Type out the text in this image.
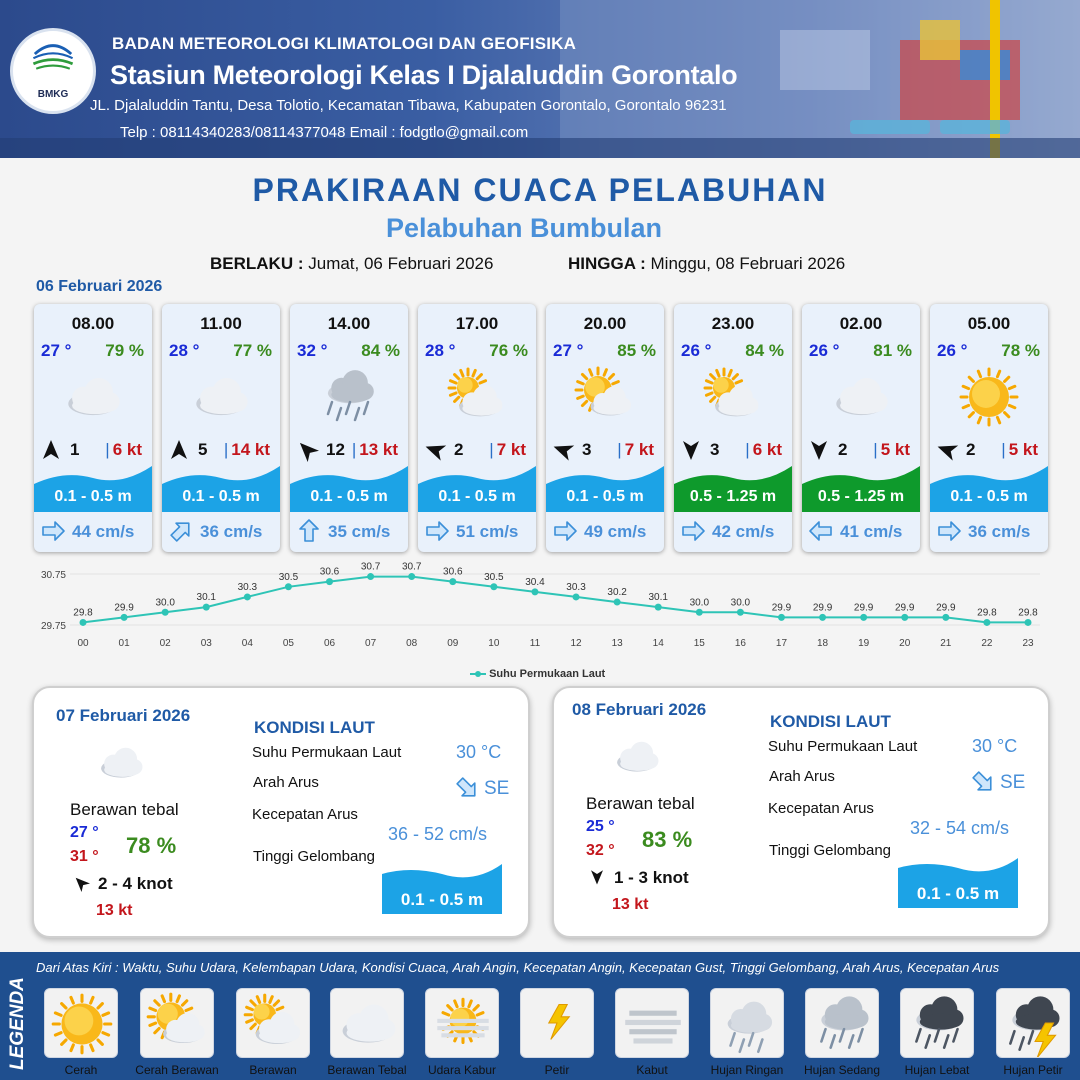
BMKG
BADAN METEOROLOGI KLIMATOLOGI DAN GEOFISIKA
Stasiun Meteorologi Kelas I Djalaluddin Gorontalo
JL. Djalaluddin Tantu, Desa Tolotio, Kecamatan Tibawa, Kabupaten Gorontalo, Gorontalo 96231
Telp : 08114340283/08114377048 Email : fodgtlo@gmail.com
PRAKIRAAN CUACA PELABUHAN
Pelabuhan Bumbulan
BERLAKU : Jumat, 06 Februari 2026	HINGGA : Minggu, 08 Februari 2026
06 Februari 2026
08.00
27 ° 79 %
1 | 6 kt
0.1 - 0.5 m
44 cm/s
11.00
28 ° 77 %
5 | 14 kt
0.1 - 0.5 m
36 cm/s
14.00
32 ° 84 %
12 | 13 kt
0.1 - 0.5 m
35 cm/s
17.00
28 ° 76 %
2 | 7 kt
0.1 - 0.5 m
51 cm/s
20.00
27 ° 85 %
3 | 7 kt
0.1 - 0.5 m
49 cm/s
23.00
26 ° 84 %
3 | 6 kt
0.5 - 1.25 m
42 cm/s
02.00
26 ° 81 %
2 | 5 kt
0.5 - 1.25 m
41 cm/s
05.00
26 ° 78 %
2 | 5 kt
0.1 - 0.5 m
36 cm/s
30.75
29.75
29.8
00
29.9
01
30.0
02
30.1
03
30.3
04
30.5
05
30.6
06
30.7
07
30.7
08
30.6
09
30.5
10
30.4
11
30.3
12
30.2
13
30.1
14
30.0
15
30.0
16
29.9
17
29.9
18
29.9
19
29.9
20
29.9
21
29.8
22
29.8
23
Suhu Permukaan Laut
07 Februari 2026
Berawan tebal
27 °
31 ° 78 %
2 - 4 knot
13 kt
KONDISI LAUT
Suhu Permukaan Laut	30 °C
Arah Arus	SE
Kecepatan Arus
36 - 52 cm/s
Tinggi Gelombang
0.1 - 0.5 m
08 Februari 2026
Berawan tebal
25 °
32 ° 83 %
1 - 3 knot
13 kt
KONDISI LAUT
Suhu Permukaan Laut	30 °C
Arah Arus	SE
Kecepatan Arus
32 - 54 cm/s
Tinggi Gelombang
0.1 - 0.5 m
LEGENDA
Dari Atas Kiri : Waktu, Suhu Udara, Kelembapan Udara, Kondisi Cuaca, Arah Angin, Kecepatan Angin, Kecepatan Gust, Tinggi Gelombang, Arah Arus, Kecepatan Arus
Cerah	Cerah Berawan	Berawan	Berawan Tebal	Udara Kabur	Petir	Kabut	Hujan Ringan	Hujan Sedang	Hujan Lebat	Hujan Petir
